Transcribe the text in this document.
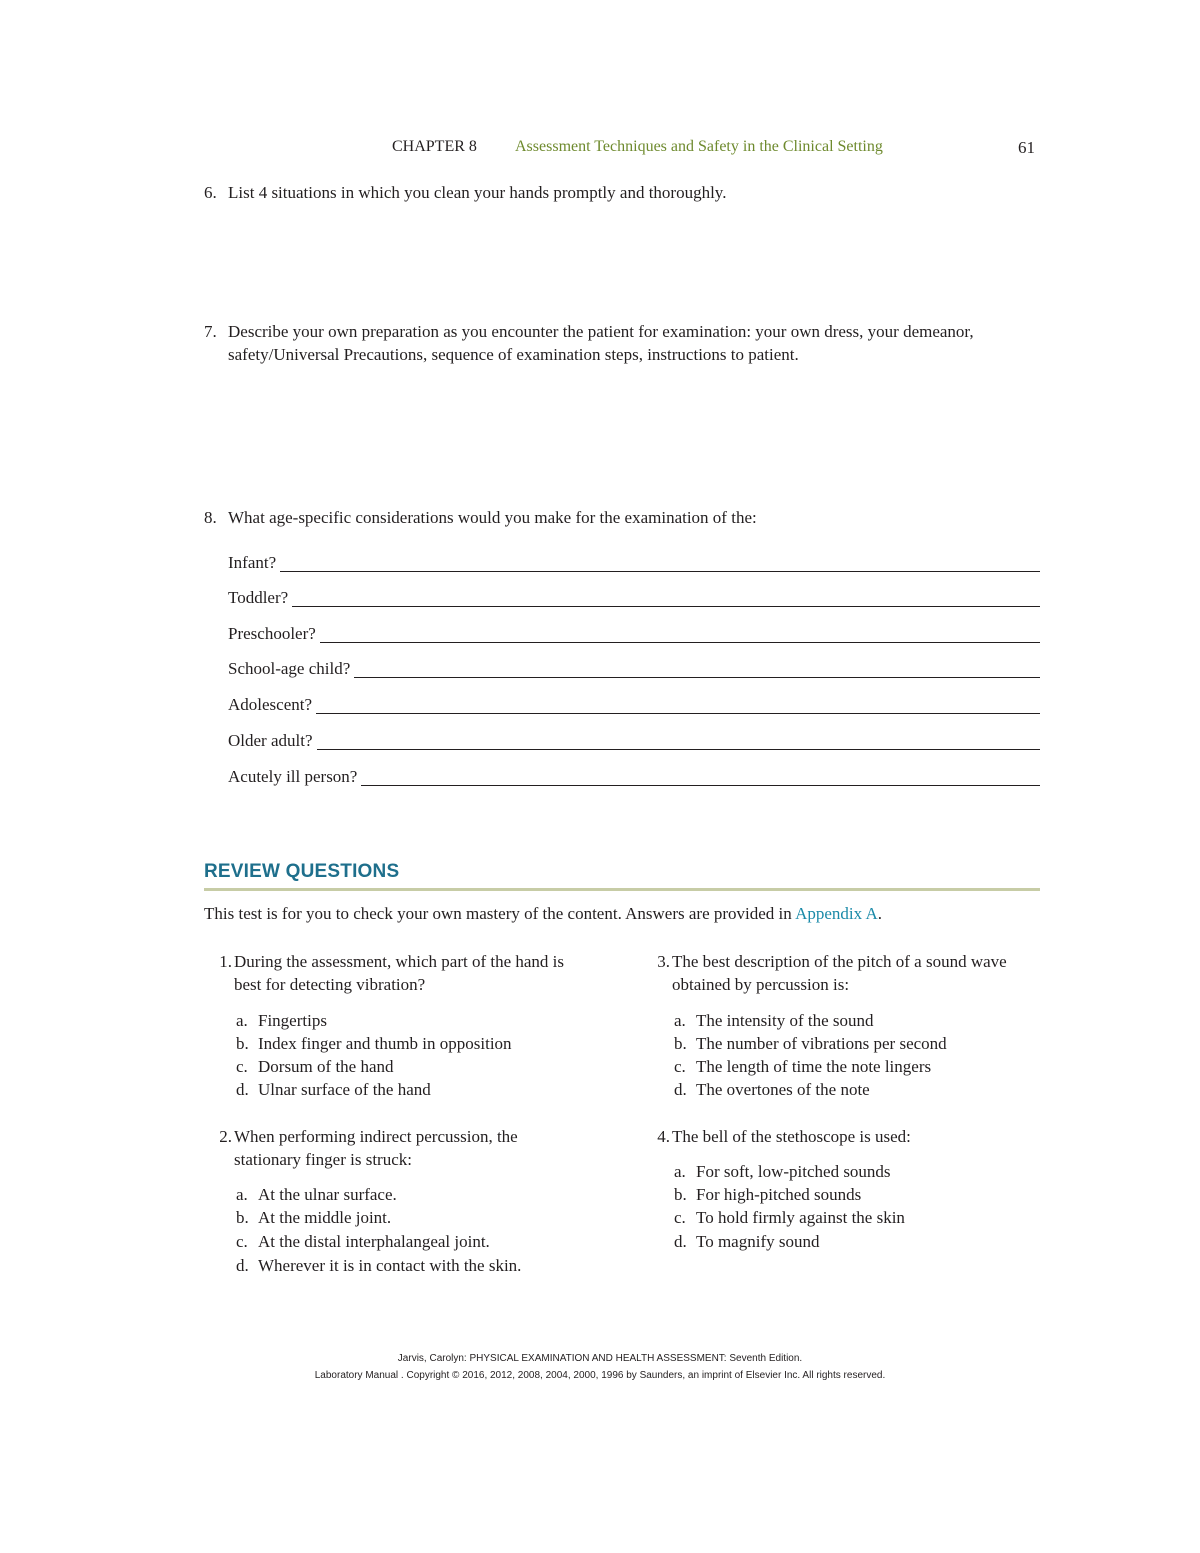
CHAPTER 8 Assessment Techniques and Safety in the Clinical Setting	61
6. List 4 situations in which you clean your hands promptly and thoroughly.
7. Describe your own preparation as you encounter the patient for examination: your own dress, your demeanor, safety/Universal Precautions, sequence of examination steps, instructions to patient.
8. What age-specific considerations would you make for the examination of the:
Infant?
Toddler?
Preschooler?
School-age child?
Adolescent?
Older adult?
Acutely ill person?
REVIEW QUESTIONS
This test is for you to check your own mastery of the content. Answers are provided in Appendix A.
1. During the assessment, which part of the hand is best for detecting vibration?
a. Fingertips
b. Index finger and thumb in opposition
c. Dorsum of the hand
d. Ulnar surface of the hand
2. When performing indirect percussion, the stationary finger is struck:
a. At the ulnar surface.
b. At the middle joint.
c. At the distal interphalangeal joint.
d. Wherever it is in contact with the skin.
3. The best description of the pitch of a sound wave obtained by percussion is:
a. The intensity of the sound
b. The number of vibrations per second
c. The length of time the note lingers
d. The overtones of the note
4. The bell of the stethoscope is used:
a. For soft, low-pitched sounds
b. For high-pitched sounds
c. To hold firmly against the skin
d. To magnify sound
Jarvis, Carolyn: PHYSICAL EXAMINATION AND HEALTH ASSESSMENT: Seventh Edition.
Laboratory Manual . Copyright © 2016, 2012, 2008, 2004, 2000, 1996 by Saunders, an imprint of Elsevier Inc. All rights reserved.
